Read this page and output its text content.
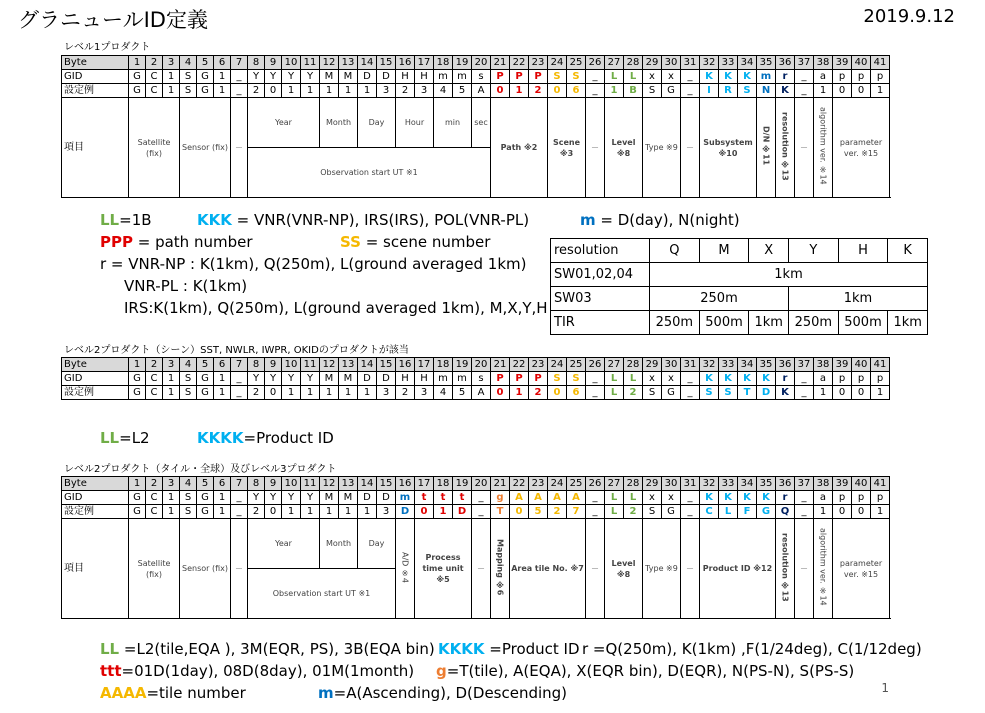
グラニュールID定義	2019.9.12
レベル1プロダクト
Byte	1	2	3	4	5	6	7	8	9	10	11	12	13	14	15	16	17	18	19	20	21	22	23	24	25	26	27	28	29	30	31	32	33	34	35	36	37	38	39	40	41
GID	G	C	1	S	G	1	_	Y	Y	Y	Y	M	M	D	D	H	H	m	m	s	P	P	P	S	S	_	L	L	x	x	_	K	K	K	m	r	_	a	p	p	p
設定例	G	C	1	S	G	1	_	2	0	1	1	1	1	1	3	2	3	4	5	A	0	1	2	0	6	_	1	B	S	G	_	I	R	S	N	K	_	1	0	0	1
項目	Satellite (fix)			Sensor (fix)			－	Year				Month		Day		Hour		min		sec	Path ※2			Scene ※3		－	Level ※8		Type ※9		－	Subsystem ※10			D/N ※11	resolution ※13	－	algorithm ver. ※14	parameter ver. ※15		
								Observation start UT ※1																																	
LL=1B	KKK = VNR(VNR-NP), IRS(IRS), POL(VNR-PL)	m = D(day), N(night)
PPP = path number	SS = scene number
r = VNR-NP : K(1km), Q(250m), L(ground averaged 1km)
VNR-PL : K(1km)
IRS:K(1km), Q(250m), L(ground averaged 1km), M,X,Y,H
resolution	Q	M	X	Y	H	K
SW01,02,04	1km					
SW03	250m			1km		
TIR	250m	500m	1km	250m	500m	1km
レベル2プロダクト（シーン）SST, NWLR, IWPR, OKIDのプロダクトが該当
Byte	1	2	3	4	5	6	7	8	9	10	11	12	13	14	15	16	17	18	19	20	21	22	23	24	25	26	27	28	29	30	31	32	33	34	35	36	37	38	39	40	41
GID	G	C	1	S	G	1	_	Y	Y	Y	Y	M	M	D	D	H	H	m	m	s	P	P	P	S	S	_	L	L	x	x	_	K	K	K	K	r	_	a	p	p	p
設定例	G	C	1	S	G	1	_	2	0	1	1	1	1	1	3	2	3	4	5	A	0	1	2	0	6	_	L	2	S	G	_	S	S	T	D	K	_	1	0	0	1
LL=L2	KKKK=Product ID
レベル2プロダクト（タイル・全球）及びレベル3プロダクト
Byte	1	2	3	4	5	6	7	8	9	10	11	12	13	14	15	16	17	18	19	20	21	22	23	24	25	26	27	28	29	30	31	32	33	34	35	36	37	38	39	40	41
GID	G	C	1	S	G	1	_	Y	Y	Y	Y	M	M	D	D	m	t	t	t	_	g	A	A	A	A	_	L	L	x	x	_	K	K	K	K	r	_	a	p	p	p
設定例	G	C	1	S	G	1	_	2	0	1	1	1	1	1	3	D	0	1	D	_	T	0	5	2	7	_	L	2	S	G	_	C	L	F	G	Q	_	1	0	0	1
項目	Satellite (fix)			Sensor (fix)			－	Year				Month		Day		A/D ※4	Process time unit ※5			－	Mapping ※6	Area tile No. ※7				－	Level ※8		Type ※9		－	Product ID ※12				resolution ※13	－	algorithm ver. ※14	parameter ver. ※15		
								Observation start UT ※1																																	
LL =L2(tile,EQA ), 3M(EQR, PS), 3B(EQA bin) KKKK =Product ID r =Q(250m), K(1km) ,F(1/24deg), C(1/12deg)
ttt=01D(1day), 08D(8day), 01M(1month) g=T(tile), A(EQA), X(EQR bin), D(EQR), N(PS-N), S(PS-S)
AAAA=tile number	m=A(Ascending), D(Descending)	1
